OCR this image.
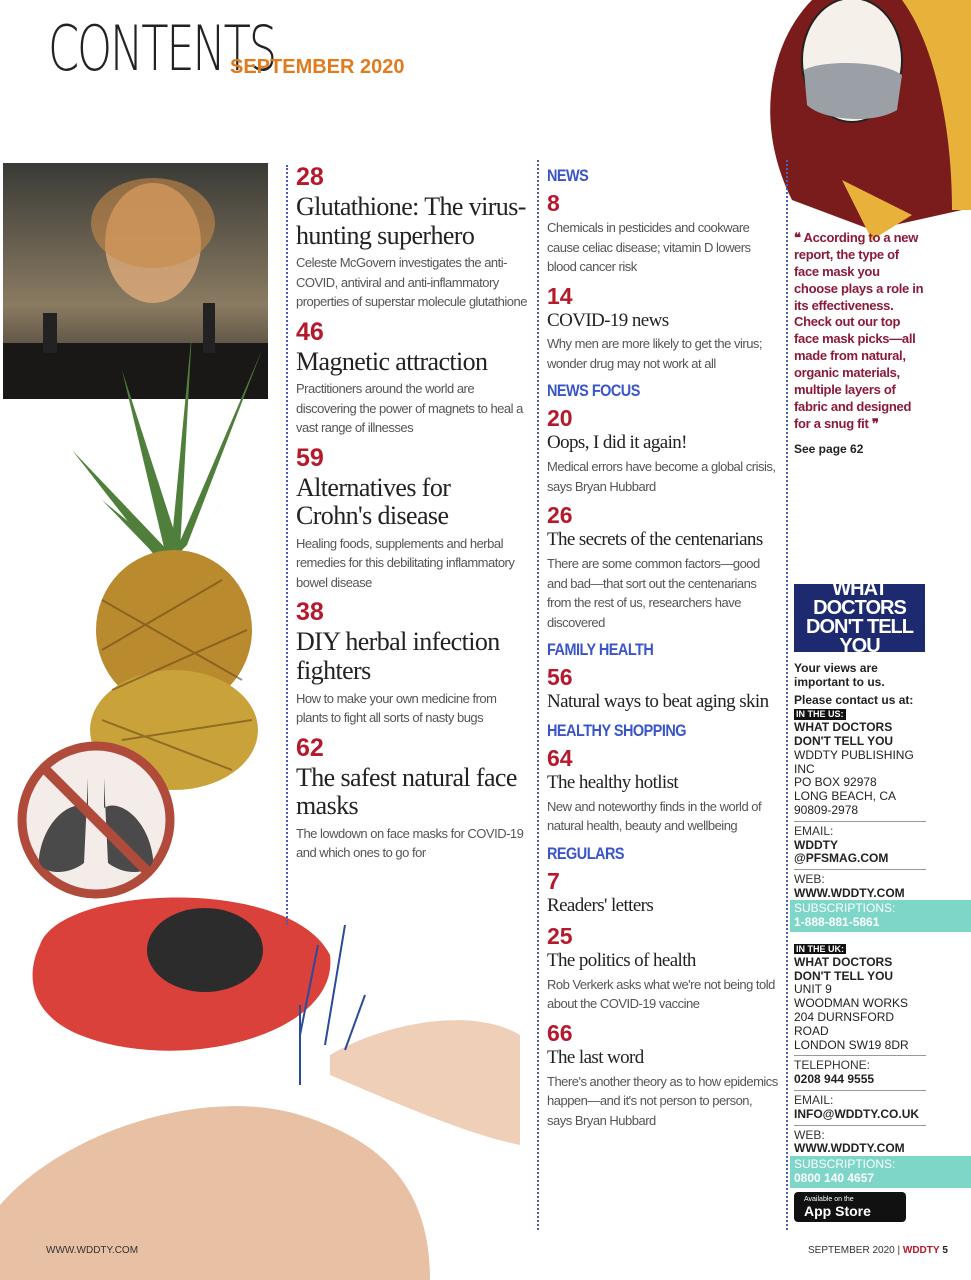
CONTENTS
SEPTEMBER 2020
28
Glutathione: The virus-hunting superhero
Celeste McGovern investigates the anti-COVID, antiviral and anti-inflammatory properties of superstar molecule glutathione
46
Magnetic attraction
Practitioners around the world are discovering the power of magnets to heal a vast range of illnesses
59
Alternatives for Crohn's disease
Healing foods, supplements and herbal remedies for this debilitating inflammatory bowel disease
38
DIY herbal infection fighters
How to make your own medicine from plants to fight all sorts of nasty bugs
62
The safest natural face masks
The lowdown on face masks for COVID-19 and which ones to go for
NEWS
8
Chemicals in pesticides and cookware cause celiac disease; vitamin D lowers blood cancer risk
14
COVID-19 news
Why men are more likely to get the virus; wonder drug may not work at all
NEWS FOCUS
20
Oops, I did it again!
Medical errors have become a global crisis, says Bryan Hubbard
26
The secrets of the centenarians
There are some common factors—good and bad—that sort out the centenarians from the rest of us, researchers have discovered
FAMILY HEALTH
56
Natural ways to beat aging skin
HEALTHY SHOPPING
64
The healthy hotlist
New and noteworthy finds in the world of natural health, beauty and wellbeing
REGULARS
7
Readers' letters
25
The politics of health
Rob Verkerk asks what we're not being told about the COVID-19 vaccine
66
The last word
There's another theory as to how epidemics happen—and it's not person to person, says Bryan Hubbard
❝ According to a new report, the type of face mask you choose plays a role in its effectiveness. Check out our top face mask picks—all made from natural, organic materials, multiple layers of fabric and designed for a snug fit ❞
See page 62
WHAT DOCTORS
DON'T TELL YOU
Your views are important to us.
Please contact us at:
IN THE US:
WHAT DOCTORS DON'T TELL YOU
WDDTY PUBLISHING INC
PO BOX 92978
LONG BEACH, CA
90809-2978
EMAIL:
WDDTY
@PFSMAG.COM
WEB:
WWW.WDDTY.COM
SUBSCRIPTIONS:
1-888-881-5861
IN THE UK:
WHAT DOCTORS DON'T TELL YOU
UNIT 9
WOODMAN WORKS
204 DURNSFORD ROAD
LONDON SW19 8DR
TELEPHONE:
0208 944 9555
EMAIL:
INFO@WDDTY.CO.UK
WEB:
WWW.WDDTY.COM
SUBSCRIPTIONS:
0800 140 4657
Available on the
App Store
WWW.WDDTY.COM	SEPTEMBER 2020 | WDDTY 5
